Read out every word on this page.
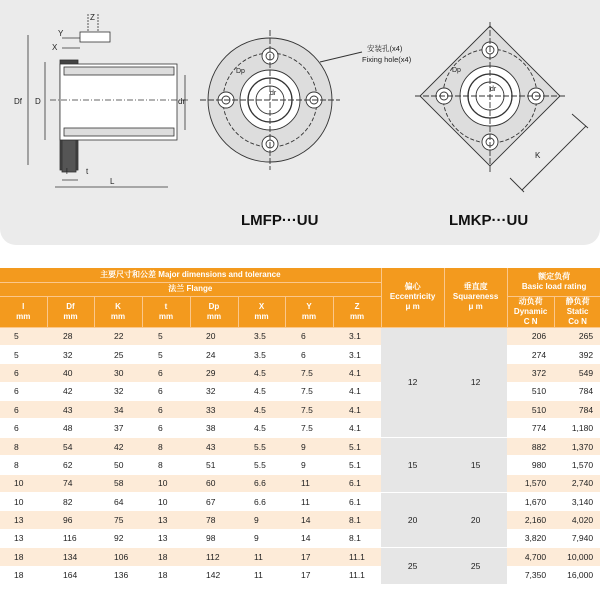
Z
Y
X
Df D	dr
l t
L
Dp
dr
安装孔(x4)
Fixing hole(x4)
Dp
dr
K
LMFP···UU	LMKP···UU
主要尺寸和公差 Major dimensions and tolerance								偏心
Eccentricity
μ m	垂直度
Squareness
μ m	额定负荷
Basic load rating	
法兰 Flange											
l
mm	Df
mm	K
mm	t
mm	Dp
mm	X
mm	Y
mm	Z
mm			动负荷
Dynamic
C N	静负荷
Static
Co N
5	28	22	5	20	3.5	6	3.1	12	12	206	265
5	32	25	5	24	3.5	6	3.1			274	392
6	40	30	6	29	4.5	7.5	4.1			372	549
6	42	32	6	32	4.5	7.5	4.1			510	784
6	43	34	6	33	4.5	7.5	4.1			510	784
6	48	37	6	38	4.5	7.5	4.1			774	1,180
8	54	42	8	43	5.5	9	5.1	15	15	882	1,370
8	62	50	8	51	5.5	9	5.1			980	1,570
10	74	58	10	60	6.6	11	6.1			1,570	2,740
10	82	64	10	67	6.6	11	6.1	20	20	1,670	3,140
13	96	75	13	78	9	14	8.1			2,160	4,020
13	116	92	13	98	9	14	8.1			3,820	7,940
18	134	106	18	112	11	17	11.1	25	25	4,700	10,000
18	164	136	18	142	11	17	11.1			7,350	16,000
